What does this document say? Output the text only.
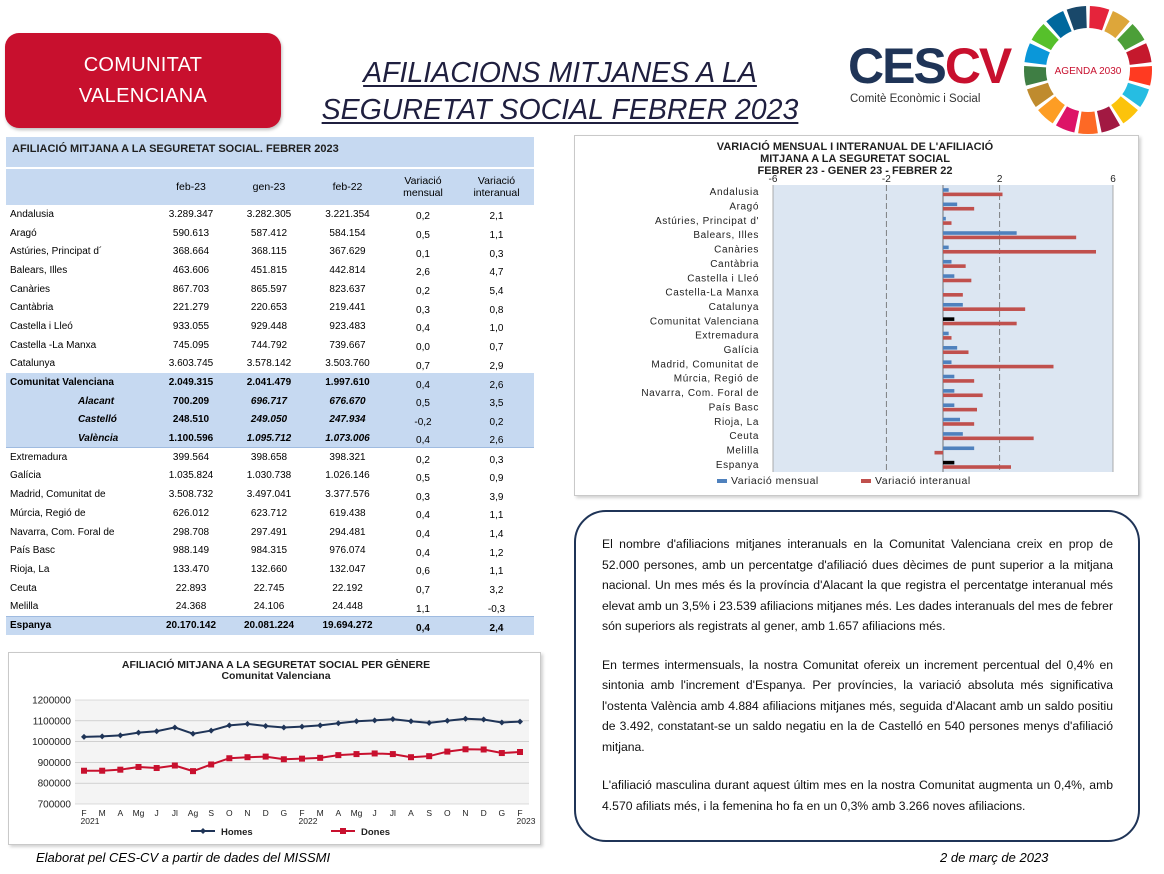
COMUNITAT
VALENCIANA
AFILIACIONS MITJANES A LA
SEGURETAT SOCIAL FEBRER 2023
CESCV
Comitè Econòmic i Social
AGENDA 2030
AFILIACIÓ MITJANA A LA SEGURETAT SOCIAL. FEBRER 2023
	feb-23	gen-23	feb-22	Variació mensual	Variació interanual
Andalusia	3.289.347	3.282.305	3.221.354	0,2	2,1
Aragó	590.613	587.412	584.154	0,5	1,1
Astúries, Principat d´	368.664	368.115	367.629	0,1	0,3
Balears, Illes	463.606	451.815	442.814	2,6	4,7
Canàries	867.703	865.597	823.637	0,2	5,4
Cantàbria	221.279	220.653	219.441	0,3	0,8
Castella i Lleó	933.055	929.448	923.483	0,4	1,0
Castella -La Manxa	745.095	744.792	739.667	0,0	0,7
Catalunya	3.603.745	3.578.142	3.503.760	0,7	2,9
Comunitat Valenciana	2.049.315	2.041.479	1.997.610	0,4	2,6
Alacant	700.209	696.717	676.670	0,5	3,5
Castelló	248.510	249.050	247.934	-0,2	0,2
València	1.100.596	1.095.712	1.073.006	0,4	2,6
Extremadura	399.564	398.658	398.321	0,2	0,3
Galícia	1.035.824	1.030.738	1.026.146	0,5	0,9
Madrid, Comunitat de	3.508.732	3.497.041	3.377.576	0,3	3,9
Múrcia, Regió de	626.012	623.712	619.438	0,4	1,1
Navarra, Com. Foral de	298.708	297.491	294.481	0,4	1,4
País Basc	988.149	984.315	976.074	0,4	1,2
Rioja, La	133.470	132.660	132.047	0,6	1,1
Ceuta	22.893	22.745	22.192	0,7	3,2
Melilla	24.368	24.106	24.448	1,1	-0,3
Espanya	20.170.142	20.081.224	19.694.272	0,4	2,4
VARIACIÓ MENSUAL I INTERANUAL DE L'AFILIACIÓ
MITJANA A LA SEGURETAT SOCIAL
FEBRER 23 - GENER 23 - FEBRER 22
-6	-2	2	6
Andalusia
Aragó
Astúries, Principat d'
Balears, Illes
Canàries
Cantàbria
Castella i Lleó
Castella-La Manxa
Catalunya
Comunitat Valenciana
Extremadura
Galícia
Madrid, Comunitat de
Múrcia, Regió de
Navarra, Com. Foral de
País Basc
Rioja, La
Ceuta
Melilla
Espanya
Variació mensual	Variació interanual

El nombre d'afiliacions mitjanes interanuals en la Comunitat Valenciana creix en prop de 52.000 persones, amb un percentatge d'afiliació dues dècimes de punt superior a la mitjana nacional. Un mes més és la província d'Alacant la que registra el percentatge interanual més elevat amb un 3,5% i 23.539 afiliacions mitjanes més. Les dades interanuals del mes de febrer són superiors als registrats al gener, amb 1.657 afiliacions més.

En termes intermensuals, la nostra Comunitat ofereix un increment percentual del 0,4% en sintonia amb l'increment d'Espanya. Per províncies, la variació absoluta més significativa l'ostenta València amb 4.884 afiliacions mitjanes més, seguida d'Alacant amb un saldo positiu de 3.492, constatant-se un saldo negatiu en la de Castelló en 540 persones menys d'afiliació mitjana.

L'afiliació masculina durant aquest últim mes en la nostra Comunitat augmenta un 0,4%, amb 4.570 afiliats més, i la femenina ho fa en un 0,3% amb 3.266 noves afiliacions.

AFILIACIÓ MITJANA A LA SEGURETAT SOCIAL PER GÈNERE
Comunitat Valenciana
700000
800000
900000
1000000
1100000
1200000
F M A Mg J Jl Ag S O N D G F M A Mg J Jl A S O N D G F
2021	2022	2023
Homes	Dones
Elaborat pel CES-CV a partir de dades del MISSMI	2 de març de 2023
